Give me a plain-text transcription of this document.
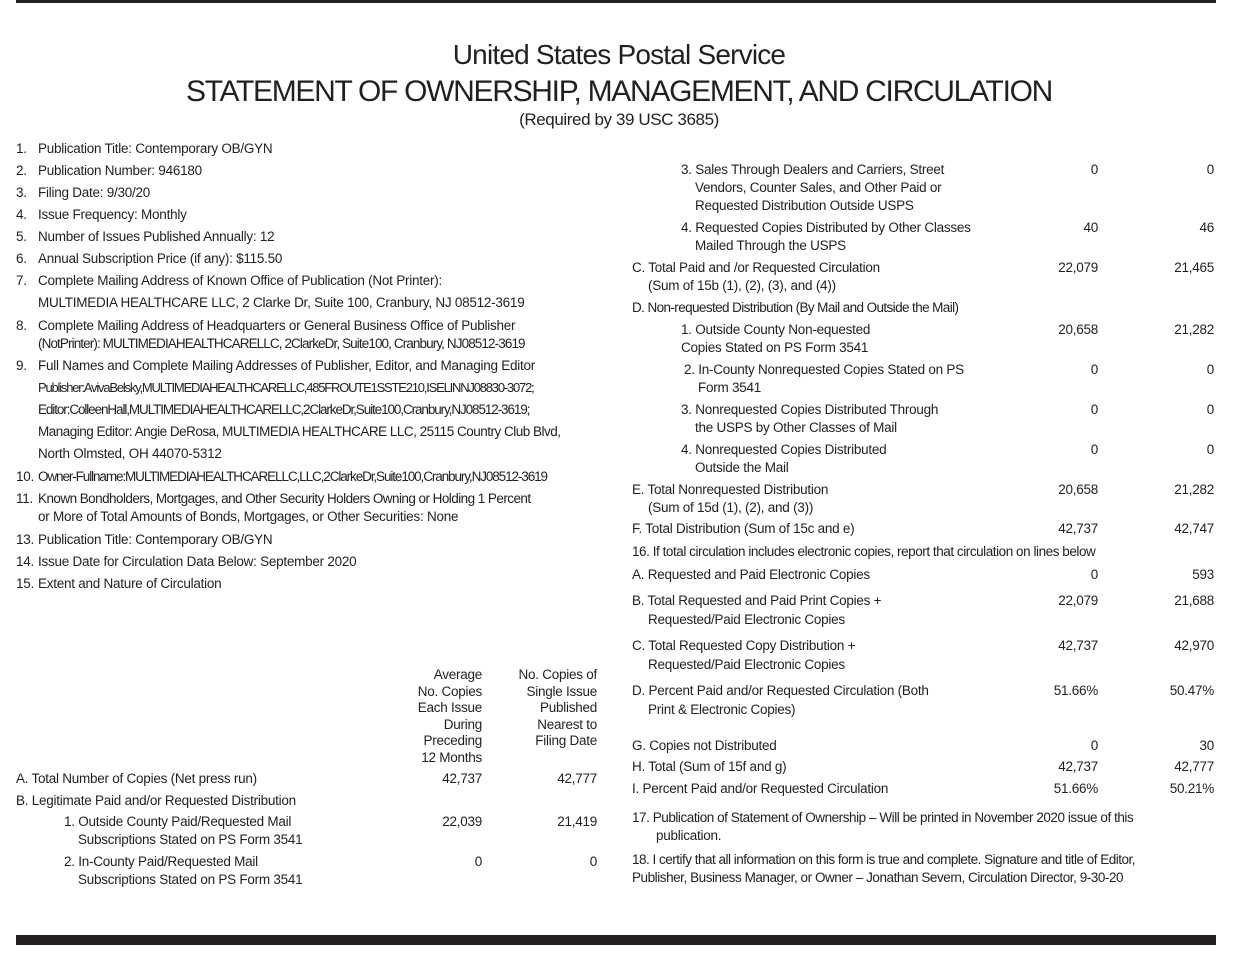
United States Postal Service
STATEMENT OF OWNERSHIP, MANAGEMENT, AND CIRCULATION
(Required by 39 USC 3685)
1. Publication Title: Contemporary OB/GYN
2. Publication Number: 946180
3. Filing Date: 9/30/20
4. Issue Frequency: Monthly
5. Number of Issues Published Annually: 12
6. Annual Subscription Price (if any): $115.50
7. Complete Mailing Address of Known Office of Publication (Not Printer):
MULTIMEDIA HEALTHCARE LLC, 2 Clarke Dr, Suite 100, Cranbury, NJ 08512-3619
8. Complete Mailing Address of Headquarters or General Business Office of Publisher
(NotPrinter): MULTIMEDIAHEALTHCARELLC, 2ClarkeDr, Suite100, Cranbury, NJ08512-3619
9. Full Names and Complete Mailing Addresses of Publisher, Editor, and Managing Editor
Publisher:AvivaBelsky,MULTIMEDIAHEALTHCARELLC,485FROUTE1SSTE210,ISELINNJ08830-3072;
Editor:ColleenHall,MULTIMEDIAHEALTHCARELLC,2ClarkeDr,Suite100,Cranbury,NJ08512-3619;
Managing Editor: Angie DeRosa, MULTIMEDIA HEALTHCARE LLC, 25115 Country Club Blvd,
North Olmsted, OH 44070-5312
10. Owner-Fullname:MULTIMEDIAHEALTHCARELLC,LLC,2ClarkeDr,Suite100,Cranbury,NJ08512-3619
11. Known Bondholders, Mortgages, and Other Security Holders Owning or Holding 1 Percent
or More of Total Amounts of Bonds, Mortgages, or Other Securities: None
13. Publication Title: Contemporary OB/GYN
14. Issue Date for Circulation Data Below: September 2020
15. Extent and Nature of Circulation
Average
No. Copies
Each Issue
During
Preceding
12 Months
No. Copies of
Single Issue
Published
Nearest to
Filing Date
A. Total Number of Copies (Net press run)	42,737	42,777
B. Legitimate Paid and/or Requested Distribution
1. Outside County Paid/Requested Mail
Subscriptions Stated on PS Form 3541
22,039	21,419
2. In-County Paid/Requested Mail
Subscriptions Stated on PS Form 3541
0	0
3. Sales Through Dealers and Carriers, Street
Vendors, Counter Sales, and Other Paid or
Requested Distribution Outside USPS
0	0
4. Requested Copies Distributed by Other Classes
Mailed Through the USPS
40	46
C. Total Paid and /or Requested Circulation
(Sum of 15b (1), (2), (3), and (4))
22,079	21,465
D. Non-requested Distribution (By Mail and Outside the Mail)
1. Outside County Non-equested
Copies Stated on PS Form 3541
20,658	21,282
2. In-County Nonrequested Copies Stated on PS
Form 3541
0	0
3. Nonrequested Copies Distributed Through
the USPS by Other Classes of Mail
0	0
4. Nonrequested Copies Distributed
Outside the Mail
0	0
E. Total Nonrequested Distribution
(Sum of 15d (1), (2), and (3))
20,658	21,282
F. Total Distribution (Sum of 15c and e)	42,737	42,747
16. If total circulation includes electronic copies, report that circulation on lines below
A. Requested and Paid Electronic Copies	0	593
B. Total Requested and Paid Print Copies +
Requested/Paid Electronic Copies
22,079	21,688
C. Total Requested Copy Distribution +
Requested/Paid Electronic Copies
42,737	42,970
D. Percent Paid and/or Requested Circulation (Both
Print & Electronic Copies)
51.66%	50.47%
G. Copies not Distributed	0	30
H. Total (Sum of 15f and g)	42,737	42,777
I. Percent Paid and/or Requested Circulation	51.66%	50.21%
17. Publication of Statement of Ownership – Will be printed in November 2020 issue of this
publication.
18. I certify that all information on this form is true and complete. Signature and title of Editor,
Publisher, Business Manager, or Owner – Jonathan Severn, Circulation Director, 9-30-20
